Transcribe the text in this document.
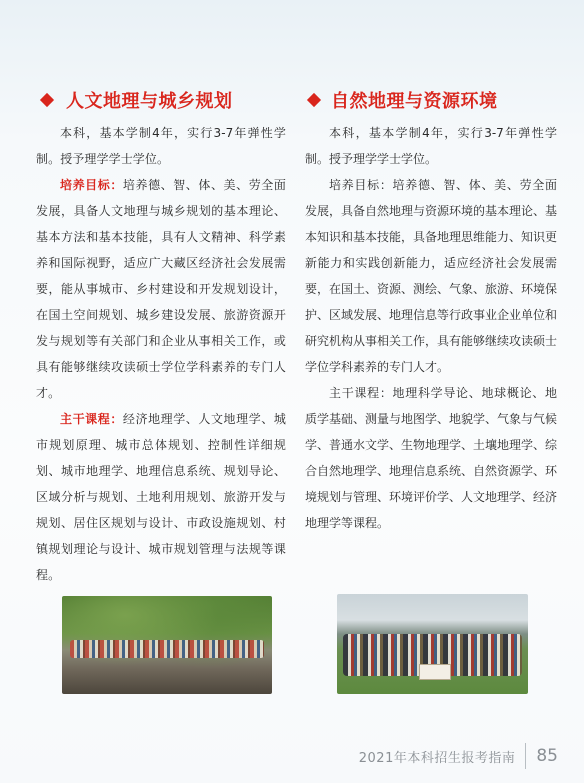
人文地理与城乡规划

本科，基本学制4年，实行3-7年弹性学制。授予理学学士学位。

培养目标：培养德、智、体、美、劳全面发展，具备人文地理与城乡规划的基本理论、基本方法和基本技能，具有人文精神、科学素养和国际视野，适应广大藏区经济社会发展需要，能从事城市、乡村建设和开发规划设计，在国土空间规划、城乡建设发展、旅游资源开发与规划等有关部门和企业从事相关工作，或具有能够继续攻读硕士学位学科素养的专门人才。

主干课程：经济地理学、人文地理学、城市规划原理、城市总体规划、控制性详细规划、城市地理学、地理信息系统、规划导论、区域分析与规划、土地利用规划、旅游开发与规划、居住区规划与设计、市政设施规划、村镇规划理论与设计、城市规划管理与法规等课程。

自然地理与资源环境

本科，基本学制4年，实行3-7年弹性学制。授予理学学士学位。

培养目标：培养德、智、体、美、劳全面发展，具备自然地理与资源环境的基本理论、基本知识和基本技能，具备地理思维能力、知识更新能力和实践创新能力，适应经济社会发展需要，在国土、资源、测绘、气象、旅游、环境保护、区域发展、地理信息等行政事业企业单位和研究机构从事相关工作，具有能够继续攻读硕士学位学科素养的专门人才。

主干课程：地理科学导论、地球概论、地质学基础、测量与地图学、地貌学、气象与气候学、普通水文学、生物地理学、土壤地理学、综合自然地理学、地理信息系统、自然资源学、环境规划与管理、环境评价学、人文地理学、经济地理学等课程。

2021年本科招生报考指南 85
